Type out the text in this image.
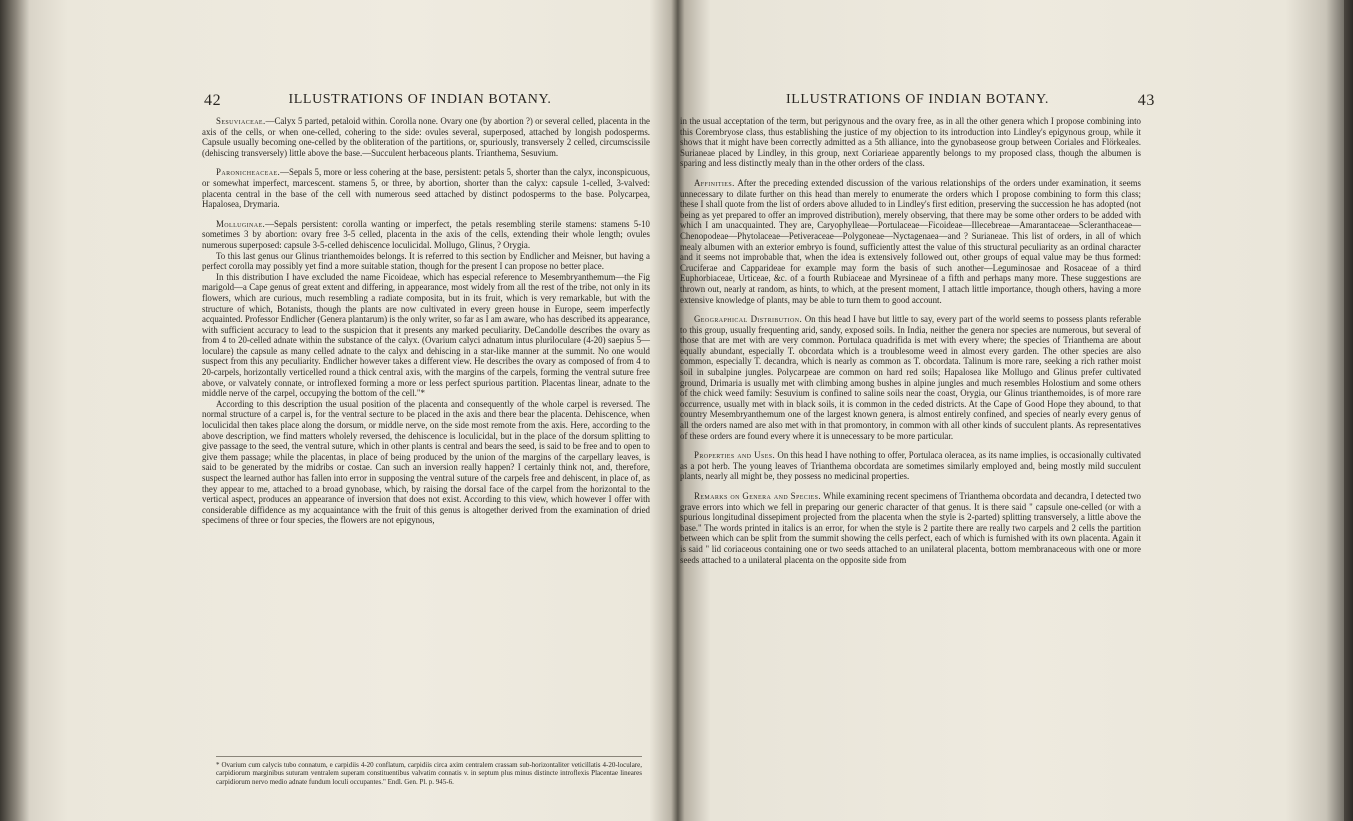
42	ILLUSTRATIONS OF INDIAN BOTANY.

Sesuviaceae.—Calyx 5 parted, petaloid within. Corolla none. Ovary one (by abortion ?) or several celled, placenta in the axis of the cells, or when one-celled, cohering to the side: ovules several, superposed, attached by longish podosperms. Capsule usually becoming one-celled by the obliteration of the partitions, or, spuriously, transversely 2 celled, circumscissile (dehiscing transversely) little above the base.—Succulent herbaceous plants. Trianthema, Sesuvium.

Paronicheaceae.—Sepals 5, more or less cohering at the base, persistent: petals 5, shorter than the calyx, inconspicuous, or somewhat imperfect, marcescent. stamens 5, or three, by abortion, shorter than the calyx: capsule 1-celled, 3-valved: placenta central in the base of the cell with numerous seed attached by distinct podosperms to the base. Polycarpea, Hapalosea, Drymaria.

Molluginae.—Sepals persistent: corolla wanting or imperfect, the petals resembling sterile stamens: stamens 5-10 sometimes 3 by abortion: ovary free 3-5 celled, placenta in the axis of the cells, extending their whole length; ovules numerous superposed: capsule 3-5-celled dehiscence loculicidal. Mollugo, Glinus, ? Orygia.

To this last genus our Glinus trianthemoides belongs. It is referred to this section by Endlicher and Meisner, but having a perfect corolla may possibly yet find a more suitable station, though for the present I can propose no better place.

In this distribution I have excluded the name Ficoideae, which has especial reference to Mesembryanthemum—the Fig marigold—a Cape genus of great extent and differing, in appearance, most widely from all the rest of the tribe, not only in its flowers, which are curious, much resembling a radiate composita, but in its fruit, which is very remarkable, but with the structure of which, Botanists, though the plants are now cultivated in every green house in Europe, seem imperfectly acquainted. Professor Endlicher (Genera plantarum) is the only writer, so far as I am aware, who has described its appearance, with sufficient accuracy to lead to the suspicion that it presents any marked peculiarity. DeCandolle describes the ovary as from 4 to 20-celled adnate within the substance of the calyx. (Ovarium calyci adnatum intus pluriloculare (4-20) saepius 5—loculare) the capsule as many celled adnate to the calyx and dehiscing in a star-like manner at the summit. No one would suspect from this any peculiarity. Endlicher however takes a different view. He describes the ovary as composed of from 4 to 20-carpels, horizontally verticelled round a thick central axis, with the margins of the carpels, forming the ventral suture free above, or valvately connate, or introflexed forming a more or less perfect spurious partition. Placentas linear, adnate to the middle nerve of the carpel, occupying the bottom of the cell."*

According to this description the usual position of the placenta and consequently of the whole carpel is reversed. The normal structure of a carpel is, for the ventral secture to be placed in the axis and there bear the placenta. Dehiscence, when loculicidal then takes place along the dorsum, or middle nerve, on the side most remote from the axis. Here, according to the above description, we find matters wholely reversed, the dehiscence is loculicidal, but in the place of the dorsum splitting to give passage to the seed, the ventral suture, which in other plants is central and bears the seed, is said to be free and to open to give them passage; while the placentas, in place of being produced by the union of the margins of the carpellary leaves, is said to be generated by the midribs or costae. Can such an inversion really happen? I certainly think not, and, therefore, suspect the learned author has fallen into error in supposing the ventral suture of the carpels free and dehiscent, in place of, as they appear to me, attached to a broad gynobase, which, by raising the dorsal face of the carpel from the horizontal to the vertical aspect, produces an appearance of inversion that does not exist. According to this view, which however I offer with considerable diffidence as my acquaintance with the fruit of this genus is altogether derived from the examination of dried specimens of three or four species, the flowers are not epigynous,

* Ovarium cum calycis tubo connatum, e carpidiis 4-20 conflatum, carpidiis circa axim centralem crassam sub-horizontaliter veticillatis 4-20-loculare, carpidiorum marginibus suturam ventralem superam constituentibus valvatim connatis v. in septum plus minus distincte introflexis Placentae lineares carpidiorum nervo medio adnate fundum loculi occupantes." Endl. Gen. Pl. p. 945-6.
ILLUSTRATIONS OF INDIAN BOTANY.	43

in the usual acceptation of the term, but perigynous and the ovary free, as in all the other genera which I propose combining into this Corembryose class, thus establishing the justice of my objection to its introduction into Lindley's epigynous group, while it shows that it might have been correctly admitted as a 5th alliance, into the gynobaseose group between Coriales and Flörkeales. Surianeae placed by Lindley, in this group, next Coriarieae apparently belongs to my proposed class, though the albumen is sparing and less distinctly mealy than in the other orders of the class.

Affinities. After the preceding extended discussion of the various relationships of the orders under examination, it seems unnecessary to dilate further on this head than merely to enumerate the orders which I propose combining to form this class; these I shall quote from the list of orders above alluded to in Lindley's first edition, preserving the succession he has adopted (not being as yet prepared to offer an improved distribution), merely observing, that there may be some other orders to be added with which I am unacquainted. They are, Caryophylleae—Portulaceae—Ficoideae—Illecebreae—Amarantaceae—Scleranthaceae—Chenopodeae—Phytolaceae—Petiveraceae—Polygoneae—Nyctagenaea—and ? Surianeae. This list of orders, in all of which mealy albumen with an exterior embryo is found, sufficiently attest the value of this structural peculiarity as an ordinal character and it seems not improbable that, when the idea is extensively followed out, other groups of equal value may be thus formed: Cruciferae and Capparideae for example may form the basis of such another—Leguminosae and Rosaceae of a third Euphorbiaceae, Urticeae, &c. of a fourth Rubiaceae and Myrsineae of a fifth and perhaps many more. These suggestions are thrown out, nearly at random, as hints, to which, at the present moment, I attach little importance, though others, having a more extensive knowledge of plants, may be able to turn them to good account.

Geographical Distribution. On this head I have but little to say, every part of the world seems to possess plants referable to this group, usually frequenting arid, sandy, exposed soils. In India, neither the genera nor species are numerous, but several of those that are met with are very common. Portulaca quadrifida is met with every where; the species of Trianthema are about equally abundant, especially T. obcordata which is a troublesome weed in almost every garden. The other species are also common, especially T. decandra, which is nearly as common as T. obcordata. Talinum is more rare, seeking a rich rather moist soil in subalpine jungles. Polycarpeae are common on hard red soils; Hapalosea like Mollugo and Glinus prefer cultivated ground, Drimaria is usually met with climbing among bushes in alpine jungles and much resembles Holostium and some others of the chick weed family: Sesuvium is confined to saline soils near the coast, Orygia, our Glinus trianthemoides, is of more rare occurrence, usually met with in black soils, it is common in the ceded districts. At the Cape of Good Hope they abound, to that country Mesembryanthemum one of the largest known genera, is almost entirely confined, and species of nearly every genus of all the orders named are also met with in that promontory, in common with all other kinds of succulent plants. As representatives of these orders are found every where it is unnecessary to be more particular.

Properties and Uses. On this head I have nothing to offer, Portulaca oleracea, as its name implies, is occasionally cultivated as a pot herb. The young leaves of Trianthema obcordata are sometimes similarly employed and, being mostly mild succulent plants, nearly all might be, they possess no medicinal properties.

Remarks on Genera and Species. While examining recent specimens of Trianthema obcordata and decandra, I detected two grave errors into which we fell in preparing our generic character of that genus. It is there said " capsule one-celled (or with a spurious longitudinal dissepiment projected from the placenta when the style is 2-parted) splitting transversely, a little above the base." The words printed in italics is an error, for when the style is 2 partite there are really two carpels and 2 cells the partition between which can be split from the summit showing the cells perfect, each of which is furnished with its own placenta. Again it is said " lid coriaceous containing one or two seeds attached to an unilateral placenta, bottom membranaceous with one or more seeds attached to a unilateral placenta on the opposite side from
